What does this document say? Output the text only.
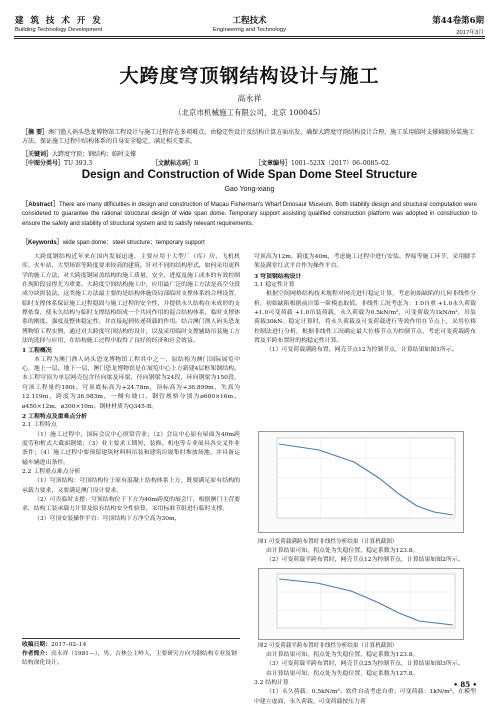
建 筑 技 术 开 发
Building Technology Development
工程技术
Engineering and Technology
第44卷第6期
2017年3月
大跨度穹顶钢结构设计与施工
高永祥
（北京市机械施工有限公司，北京 100045）
［摘 要］澳门渔人码头恐龙博物馆工程设计与施工过程存在多项难点，由稳定性设计及结构计算方面出发，确保大跨度穹顶结构设计合理，施工采用临时支撑辅助吊装施工方法，保证施工过程中结构体系的自身安全稳定，满足相关要求。
［关键词］大跨度穹顶；钢结构；临时支撑
［中图分类号］TU 393.3	［文献标志码］B	［文章编号］1001–523X（2017）06–0085–02
Design and Construction of Wide Span Dome Steel Structure
Gao Yong-xiang
［Abstract］There are many difficulties in design and construction of Macau Fisherman's Wharf Dinosaur Museum. Both stability design and structural computation were considered to guarantee the rational structural design of wide span dome. Temporary support assisting qualified construction platform was adopted in construction to ensure the safety and stability of structural system and to satisfy relevant requirements.
［Keywords］wide span dome；steel structure；temporary support

大跨度钢结构近年来在国内发展迅速，主要应用于大型厂（库）房、飞机机库、火车站、大型场馆等跨度要求较高的建筑。针对不同的结构形式，如何采用更科学的施工方法，对大跨度钢屋盖结构的施工质量、安全、进度及施工成本的有效控制在现阶段显得尤为重要。大跨度空间结构施工中，应用最广泛的施工方法是高空分段成分块拼装法，这类施工方法最主要的是结构体施设局部临时支撑体系的合理设置，临时支撑体系保证施工过程稳固与施工过程的安全性，并提供永久结构在未成形的支撑依靠，使永久结构与临时支撑结构组成一个共同作用的混合结构体系，临时支撑体系的刚度、强度及整体稳定性，并直接起到传递荷载的作用。结合澳门渔人码头恐龙博物馆工程实例，通过对大跨度穹顶结构的设计，以及采用临时支撑辅助吊装施工方法的选择与应用，在结构施工过程中取得了良好的经济和社会效益。

1 工程概况

本工程为澳门渔人码头恐龙博物馆工程其中之一，原结构为澳门国际展览中心，地上一层，地下一层，澳门恐龙博物馆是在展览中心上方新建4层框架钢结构。本工程穹顶为单层网壳包含径向梁及环梁，径向钢梁为24段，环向钢梁为150段，穹顶工程量约180t。穹顶底标高为+24.78m，顶标高为+36.899m，失高为12.119m，跨度为36.983m，一侧有坡口。钢管规格分别为ø600×16m、ø450×12m、ø300×10m；钢材材质为Q345-B。

2 工程特点及重难点分析

2.1 工程特点

（1）施工过程中，国际会议中心照常营业；（2）会议中心原有屋面为40m跨度劳和桁式大截面钢梁；（3）业主要求工期短，装修、机电等专业展具各交叉作业条件；（4）施工过程中要预留建筑材料料吊装和建筑垃圾集时堆放场地，并具备运输车辆进出条件。

2.2 工程重点难点分析

（1）穹顶结构：穹顶结构位于原有混凝土结构体系上方，既要满足原有结构的承载力要求，又要满足澳门设计要求。

（2）可否临时支撑：穹顶结构位于下方为40m跨度的展会厅，根据澳门主营要求，结构工装承载力计算及原有结构安全性验算，采用标准节组进行临时支撑。

（3）穹顶安装操作平台：穹顶结构下方净空高为30m，

收稿日期：2017–02–14
作者简介：高永祥（1981—），男，吉林公主岭人，主要研究方向为钢结构专业及钢结构深化设计。

穹顶高为12m，跨度为40m，考虑施工过程中进行安装、焊接等施工环节，采用脚手架及满堂红式平台作为操作平台。

3 穹顶钢结构设计

3.1 稳定性计算

根据空间网格结构技术规程对网壳进行稳定计算，考虑初始缺陷的几何非线性分析，初始缺陷根据前自第一阶模态取值。非线性工况考虑为：1.0自重 +1.0永久荷载 +1.0可变荷载 +1.0吊装荷载，永久荷载为0.5kN/m²，可变荷载为1kN/m²，吊装荷载30kN。稳定计算时，将永久荷载及可变荷载进行等效作用在节点上，采用位移控制法进行分析，根据非线性工况确定最大位移节点为控制节点，考虑可变荷载跨布置及半跨布置时的构稳定性计算。

（1）可变荷载满跨布置，网壳节点12为控制节点，计算结果如图1所示。

图1 可变荷载满跨布置时非线性分析结果（计算机截图）

由计算结果可知，拐点处为失稳位置，稳定系数为123.8。

（2）可变荷载半跨布置时，网壳节点12为控制节点，计算结果如图2所示。

图2 可变荷载半跨布置时非线性分析结果（计算机截图）

由计算结果可知，拐点处为失稳位置，稳定系数为123.8。

（3）可变荷载半跨布置时，网壳节点25为控制节点，计算结果如图3所示。

由计算结果可知，拐点处为失稳位置，稳定系数为127.8。

3.2 结构计算

（1）永久荷载：0.5kN/m²；软件自动考虑自重；可变荷载：1kN/m²，在模型中建立虚面，永久荷载、可变荷载按压力荷

• 85 •
